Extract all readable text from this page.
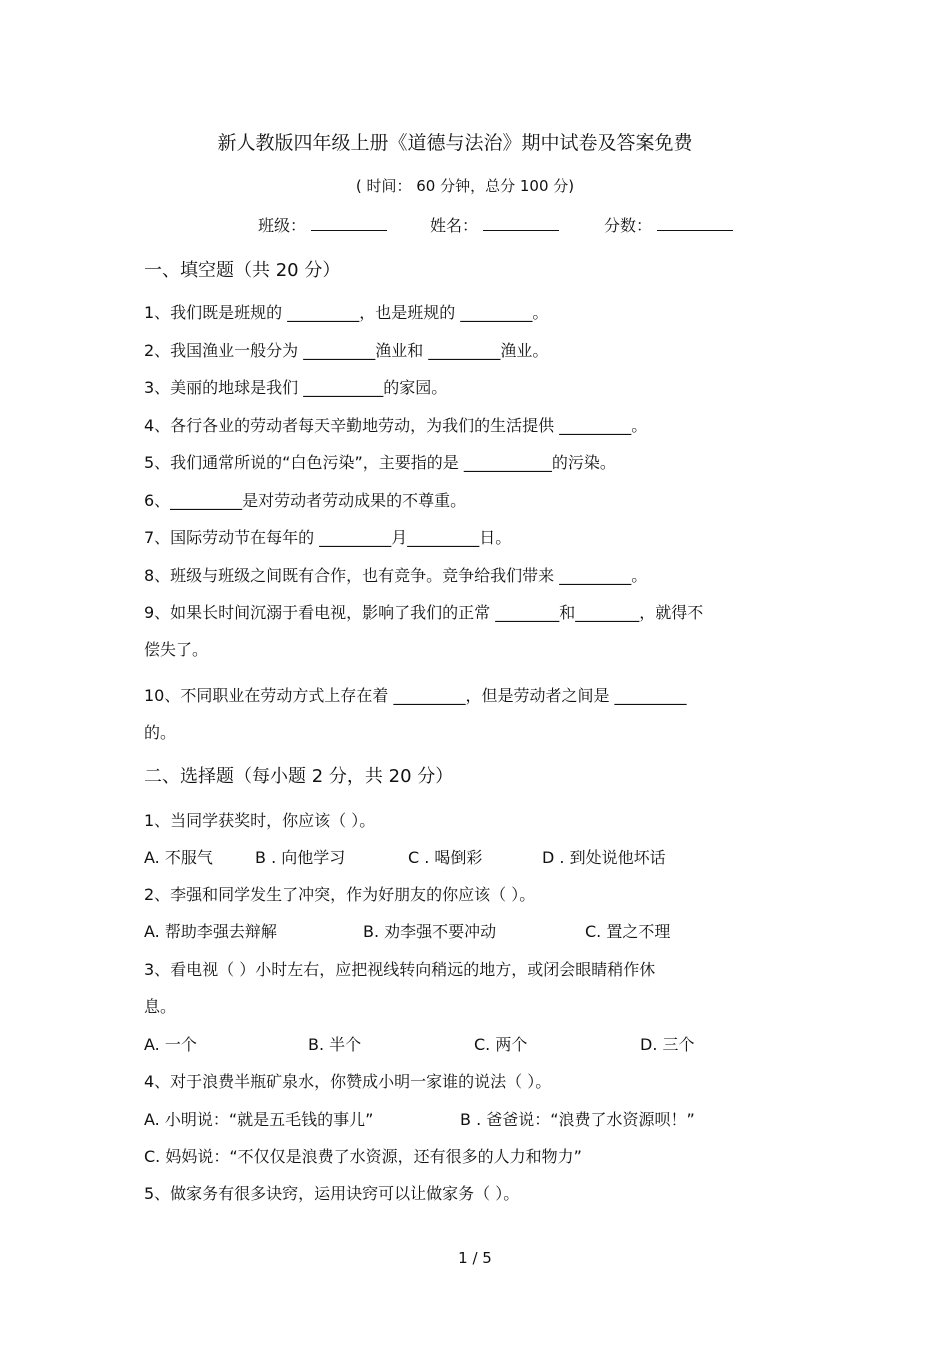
新人教版四年级上册《道德与法治》期中试卷及答案免费
( 时间： 60 分钟，总分 100 分)
班级：	姓名：	分数：
一、填空题（共 20 分）
1、我们既是班规的 _________，也是班规的 _________。
2、我国渔业一般分为 _________渔业和 _________渔业。
3、美丽的地球是我们 __________的家园。
4、各行各业的劳动者每天辛勤地劳动，为我们的生活提供 _________。
5、我们通常所说的“白色污染”，主要指的是 ___________的污染。
6、_________是对劳动者劳动成果的不尊重。
7、国际劳动节在每年的 _________月_________日。
8、班级与班级之间既有合作，也有竞争。竞争给我们带来 _________。
9、如果长时间沉溺于看电视，影响了我们的正常 ________和________，就得不
偿失了。
10、不同职业在劳动方式上存在着 _________，但是劳动者之间是 _________
的。
二、选择题（每小题 2 分，共 20 分）
1、当同学获奖时，你应该（ ）。
A. 不服气	B . 向他学习	C . 喝倒彩	D . 到处说他坏话
2、李强和同学发生了冲突，作为好朋友的你应该（ ）。
A. 帮助李强去辩解	B. 劝李强不要冲动	C. 置之不理
3、看电视（ ）小时左右，应把视线转向稍远的地方，或闭会眼睛稍作休
息。
A. 一个	B. 半个	C. 两个	D. 三个
4、对于浪费半瓶矿泉水，你赞成小明一家谁的说法（ ）。
A. 小明说：“就是五毛钱的事儿”	B . 爸爸说：“浪费了水资源呗！”
C. 妈妈说：“不仅仅是浪费了水资源，还有很多的人力和物力”
5、做家务有很多诀窍，运用诀窍可以让做家务（ ）。
1 / 5
